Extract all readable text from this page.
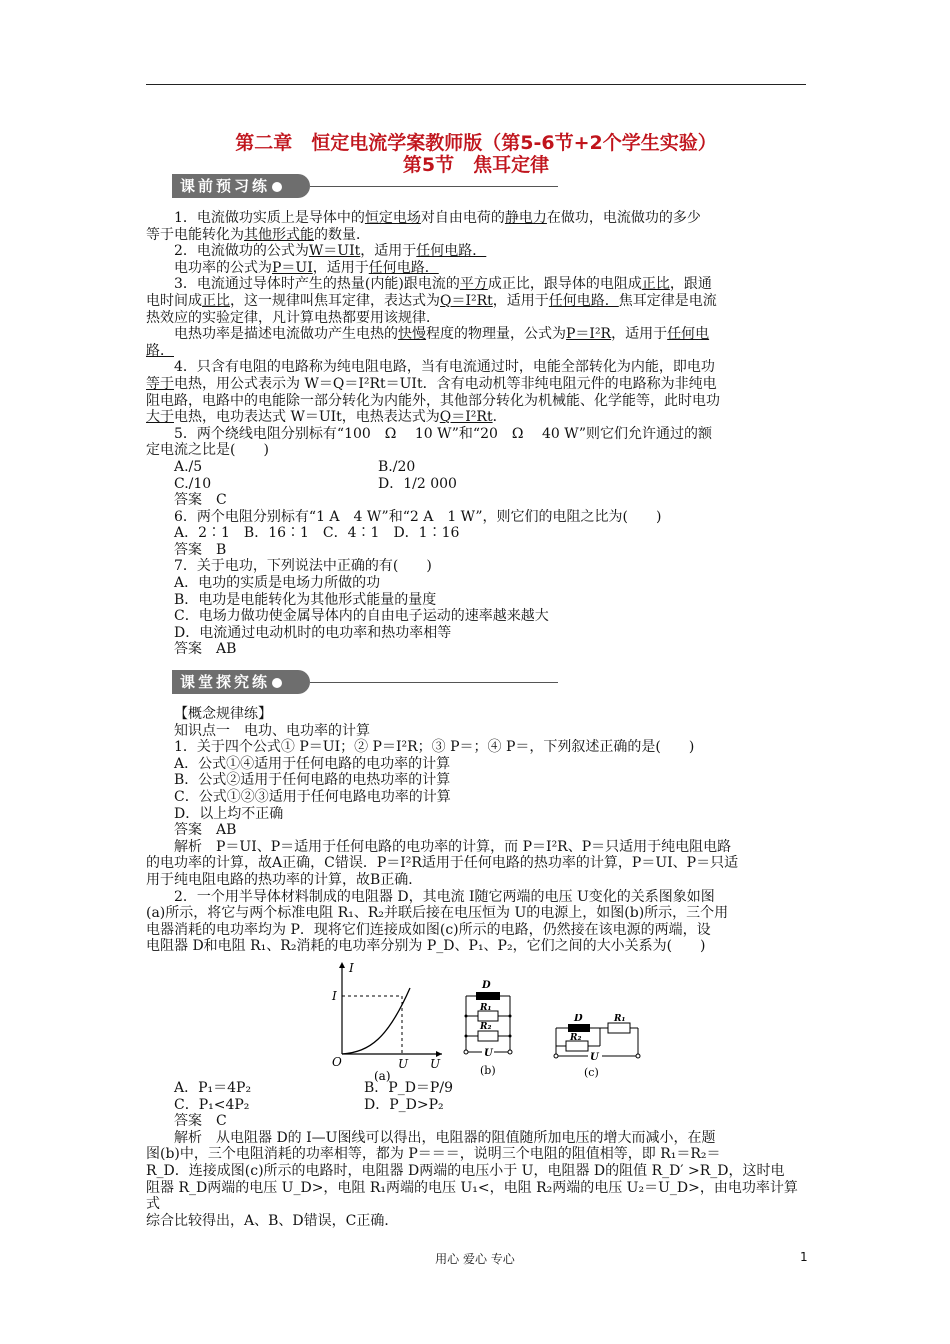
第二章　恒定电流学案教师版（第5-6节+2个学生实验）
第5节　焦耳定律
课前预习练

1．电流做功实质上是导体中的恒定电场对自由电荷的静电力在做功，电流做功的多少

等于电能转化为其他形式能的数量．

2．电流做功的公式为W＝UIt，适用于任何电路．

电功率的公式为P＝UI，适用于任何电路．

3．电流通过导体时产生的热量(内能)跟电流的平方成正比，跟导体的电阻成正比，跟通

电时间成正比，这一规律叫焦耳定律，表达式为Q＝I²Rt，适用于任何电路．焦耳定律是电流

热效应的实验定律，凡计算电热都要用该规律．

电热功率是描述电流做功产生电热的快慢程度的物理量，公式为P＝I²R，适用于任何电

路．

4．只含有电阻的电路称为纯电阻电路，当有电流通过时，电能全部转化为内能，即电功

等于电热，用公式表示为 W＝Q＝I²Rt＝UIt．含有电动机等非纯电阻元件的电路称为非纯电

阻电路，电路中的电能除一部分转化为内能外，其他部分转化为机械能、化学能等，此时电功

大于电热，电功表达式 W＝UIt，电热表达式为Q＝I²Rt．

5．两个绕线电阻分别标有“100　Ω　 10 W”和“20　Ω　 40 W”则它们允许通过的额

定电流之比是(　　)

A./5	B./20

C./10	D．1/2 000

答案　C

6．两个电阻分别标有“1 A　4 W”和“2 A　1 W”，则它们的电阻之比为(　　)

A．2∶1　B．16∶1　C．4∶1　D．1∶16

答案　B

7．关于电功，下列说法中正确的有(　　)

A．电功的实质是电场力所做的功

B．电功是电能转化为其他形式能量的量度

C．电场力做功使金属导体内的自由电子运动的速率越来越大

D．电流通过电动机时的电功率和热功率相等

答案　AB

课堂探究练

【概念规律练】

知识点一　电功、电功率的计算

1．关于四个公式① P＝UI；② P＝I²R；③ P＝；④ P＝，下列叙述正确的是(　　)

A．公式①④适用于任何电路的电功率的计算

B．公式②适用于任何电路的电热功率的计算

C．公式①②③适用于任何电路电功率的计算

D．以上均不正确

答案　AB

解析　P＝UI、P＝适用于任何电路的电功率的计算，而 P＝I²R、P＝只适用于纯电阻电路

的电功率的计算，故A正确，C错误．P＝I²R适用于任何电路的热功率的计算，P＝UI、P＝只适

用于纯电阻电路的热功率的计算，故B正确．

2．一个用半导体材料制成的电阻器 D，其电流 I随它两端的电压 U变化的关系图象如图

(a)所示，将它与两个标准电阻 R₁、R₂并联后接在电压恒为 U的电源上，如图(b)所示，三个用

电器消耗的电功率均为 P．现将它们连接成如图(c)所示的电路，仍然接在该电源的两端，设

电阻器 D和电阻 R₁、R₂消耗的电功率分别为 P_D、P₁、P₂，它们之间的大小关系为(　　)

I
I
O	U U
(a)
D
R₁
R₂
U
(b)
D	R₁
R₂
U
(c)

A．P₁＝4P₂	B．P_D＝P/9

C．P₁<4P₂	D．P_D>P₂

答案　C

解析　从电阻器 D的 I—U图线可以得出，电阻器的阻值随所加电压的增大而减小，在题

图(b)中，三个电阻消耗的功率相等，都为 P＝＝＝，说明三个电阻的阻值相等，即 R₁＝R₂＝

R_D．连接成图(c)所示的电路时，电阻器 D两端的电压小于 U，电阻器 D的阻值 R_D′ >R_D，这时电

阻器 R_D两端的电压 U_D>，电阻 R₁两端的电压 U₁<，电阻 R₂两端的电压 U₂＝U_D>，由电功率计算式

综合比较得出，A、B、D错误，C正确．

用心 爱心 专心	1
